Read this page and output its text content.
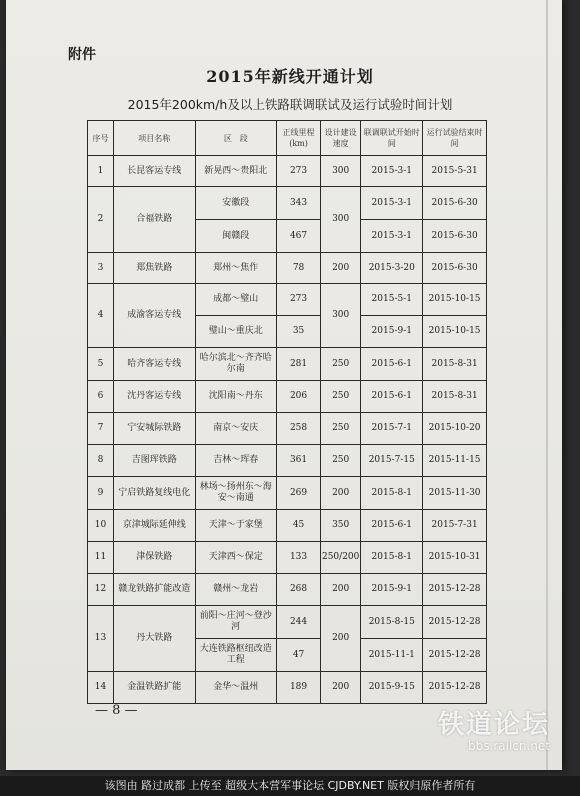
附件
2015年新线开通计划
2015年200km/h及以上铁路联调联试及运行试验时间计划
序号	项目名称	区　段	正线里程(km)	设计建设速度	联调联试开始时间	运行试验结束时间
1	长昆客运专线	新晃西～贵阳北	273	300	2015-3-1	2015-5-31
2	合福铁路	安徽段	343	300	2015-3-1	2015-6-30
		闽赣段	467		2015-3-1	2015-6-30
3	郑焦铁路	郑州～焦作	78	200	2015-3-20	2015-6-30
4	成渝客运专线	成都～璧山	273	300	2015-5-1	2015-10-15
		璧山～重庆北	35		2015-9-1	2015-10-15
5	哈齐客运专线	哈尔滨北～齐齐哈尔南	281	250	2015-6-1	2015-8-31
6	沈丹客运专线	沈阳南～丹东	206	250	2015-6-1	2015-8-31
7	宁安城际铁路	南京～安庆	258	250	2015-7-1	2015-10-20
8	吉图珲铁路	吉林～珲春	361	250	2015-7-15	2015-11-15
9	宁启铁路复线电化	林场～扬州东～海安～南通	269	200	2015-8-1	2015-11-30
10	京津城际延伸线	天津～于家堡	45	350	2015-6-1	2015-7-31
11	津保铁路	天津西～保定	133	250/200	2015-8-1	2015-10-31
12	赣龙铁路扩能改造	赣州～龙岩	268	200	2015-9-1	2015-12-28
13	丹大铁路	前阳～庄河～登沙河	244	200	2015-8-15	2015-12-28
		大连铁路枢纽改造工程	47		2015-11-1	2015-12-28
14	金温铁路扩能	金华～温州	189	200	2015-9-15	2015-12-28
— 8 —	铁道论坛
bbs.railcn.net
该图由 路过成都 上传至 超级大本营军事论坛 CJDBY.NET 版权归原作者所有
